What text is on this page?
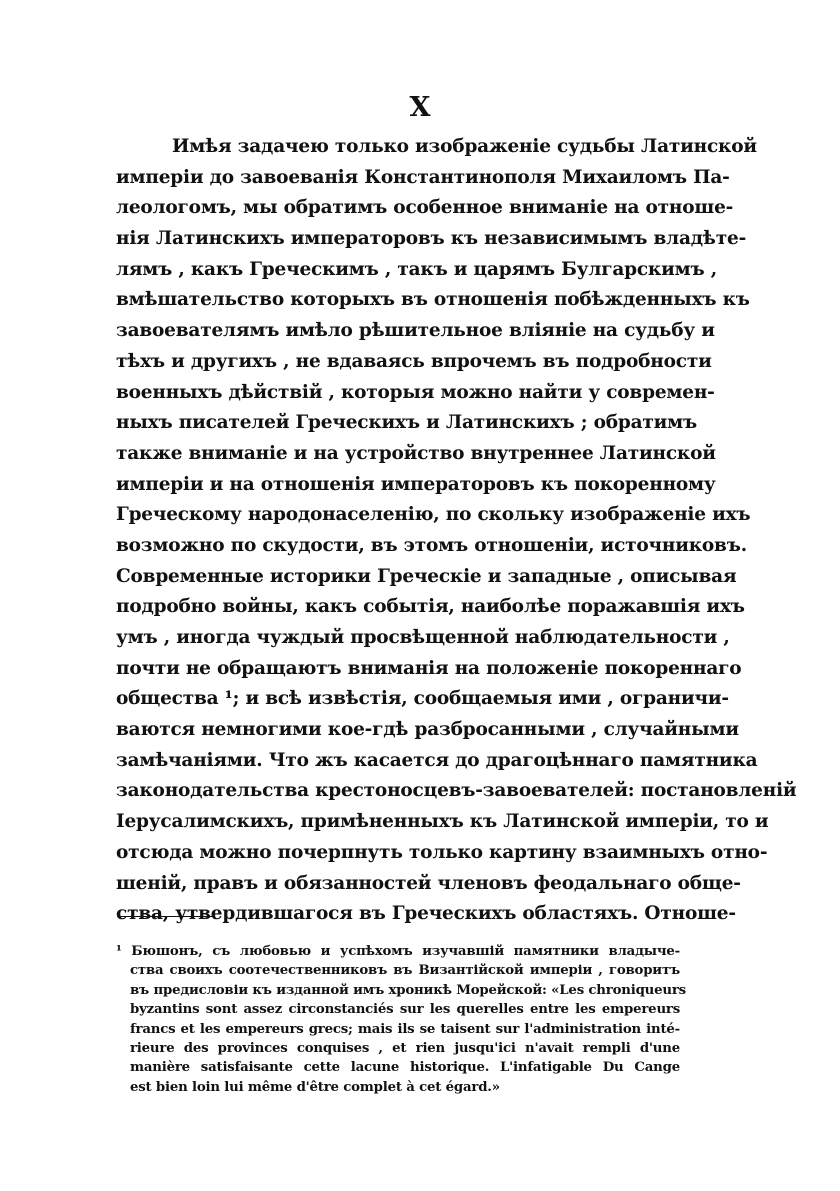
X
Имѣя задачею только изображеніе судьбы Латинской
имперіи до завоеванія Константинополя Михаиломъ Па-
леологомъ, мы обратимъ особенное вниманіе на отноше-
нія Латинскихъ императоровъ къ независимымъ владѣте-
лямъ , какъ Греческимъ , такъ и царямъ Булгарскимъ ,
вмѣшательство которыхъ въ отношенія побѣжденныхъ къ
завоевателямъ имѣло рѣшительное вліяніе на судьбу и
тѣхъ и другихъ , не вдаваясь впрочемъ въ подробности
военныхъ дѣйствій , которыя можно найти у современ-
ныхъ писателей Греческихъ и Латинскихъ ; обратимъ
также вниманіе и на устройство внутреннее Латинской
имперіи и на отношенія императоровъ къ покоренному
Греческому народонаселенію, по скольку изображеніе ихъ
возможно по скудости, въ этомъ отношеніи, источниковъ.
Современные историки Греческіе и западные , описывая
подробно войны, какъ событія, наиболѣе поражавшія ихъ
умъ , иногда чуждый просвѣщенной наблюдательности ,
почти не обращаютъ вниманія на положеніе покореннаго
общества ¹; и всѣ извѣстія, сообщаемыя ими , ограничи-
ваются немногими кое-гдѣ разбросанными , случайными
замѣчаніями. Что жъ касается до драгоцѣннаго памятника
законодательства крестоносцевъ-завоевателей: постановленій
Іерусалимскихъ, примѣненныхъ къ Латинской имперіи, то и
отсюда можно почерпнуть только картину взаимныхъ отно-
шеній, правъ и обязанностей членовъ феодальнаго обще-
ства, утвердившагося въ Греческихъ областяхъ. Отноше-
¹ Бюшонъ, съ любовью и успѣхомъ изучавшій памятники владыче-
ства своихъ соотечественниковъ въ Византійской имперіи , говоритъ
въ предисловіи къ изданной имъ хроникѣ Морейской: «Les chroniqueurs
byzantins sont assez circonstanciés sur les querelles entre les empereurs
francs et les empereurs grecs; mais ils se taisent sur l'administration inté-
rieure des provinces conquises , et rien jusqu'ici n'avait rempli d'une
manière satisfaisante cette lacune historique. L'infatigable Du Cange
est bien loin lui même d'être complet à cet égard.»
